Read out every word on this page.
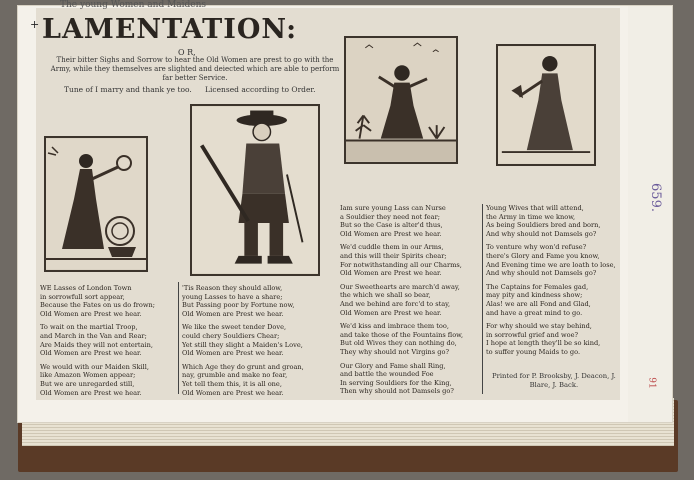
The young Women and Maidens
+ LAMENTATION:
O R,
Their bitter Sighs and Sorrow to hear the Old Women are prest to go with the Army, while they themselves are slighted and deiected which are able to perform far better Service.
Tune of I marry and thank ye too. Licensed according to Order.

WE Lasses of London Town
in sorrowfull sort appear,
Because the Fates on us do frown;
Old Women are Prest we hear.

To wait on the martial Troop,
and March in the Van and Rear;
Are Maids they will not entertain,
Old Women are Prest we hear.

We would with our Maiden Skill,
like Amazon Women appear;
But we are unregarded still,
Old Women are Prest we hear.

'Tis Reason they should allow,
young Lasses to have a share;
But Passing poor by Fortune now,
Old Women are Prest we hear.

We like the sweet tender Dove,
could chery Souldiers Chear;
Yet still they slight a Maiden's Love,
Old Women are Prest we hear.

Which Age they do grunt and groan,
nay, grumble and make no fear,
Yet tell them this, it is all one,
Old Women are Prest we hear.

Iam sure young Lass can Nurse
a Souldier they need not fear;
But so the Case is alter'd thus,
Old Women are Prest we hear.

We'd cuddle them in our Arms,
and this will their Spirits chear;
For notwithstanding all our Charms,
Old Women are Prest we hear.

Our Sweethearts are march'd away,
the which we shall so bear,
And we behind are forc'd to stay,
Old Women are Prest we hear.

We'd kiss and imbrace them too,
and take those of the Fountains flow,
But old Wives they can nothing do,
They why should not Virgins go?

Our Glory and Fame shall Ring,
and battle the wounded Foe
In serving Souldiers for the King,
Then why should not Damsels go?

Young Wives that will attend,
the Army in time we know,
As being Souldiers bred and born,
And why should not Damsels go?

To venture why won'd refuse?
there's Glory and Fame you know,
And Evening time we are loath to lose,
And why should not Damsels go?

The Captains for Females gad,
may pity and kindness show;
Alas! we are all Fond and Glad,
and have a great mind to go.

For why should we stay behind,
in sorrowful grief and woe?
I hope at length they'll be so kind,
to suffer young Maids to go.

Printed for P. Brooksby, J. Deacon, J.
Blare, J. Back.
659.
91
